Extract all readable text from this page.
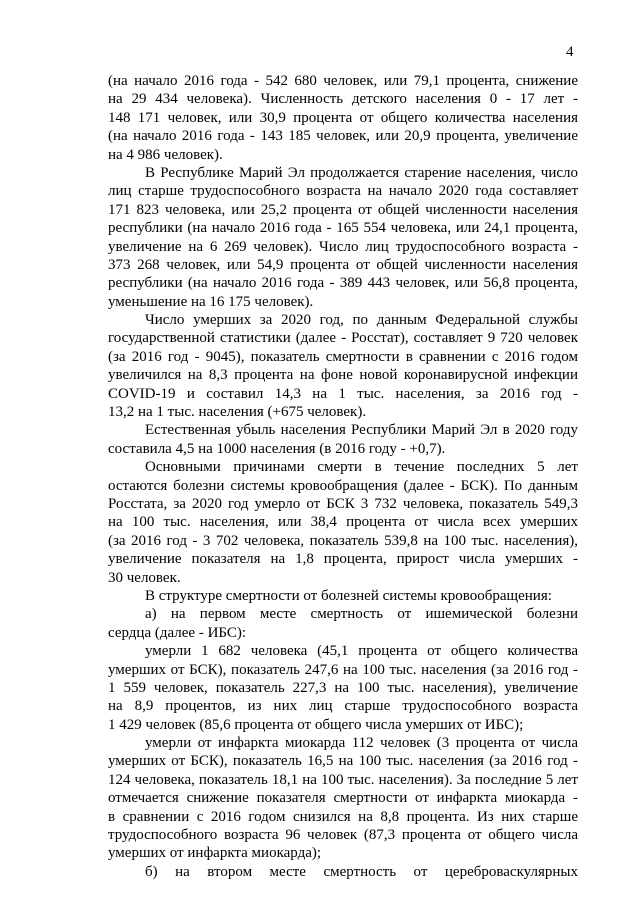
4
(на начало 2016 года - 542 680 человек, или 79,1 процента, снижение
на 29 434 человека). Численность детского населения 0 - 17 лет -
148 171 человек, или 30,9 процента от общего количества населения
(на начало 2016 года - 143 185 человек, или 20,9 процента, увеличение
на 4 986 человек).
В Республике Марий Эл продолжается старение населения, число
лиц старше трудоспособного возраста на начало 2020 года составляет
171 823 человека, или 25,2 процента от общей численности населения
республики (на начало 2016 года - 165 554 человека, или 24,1 процента,
увеличение на 6 269 человек). Число лиц трудоспособного возраста -
373 268 человек, или 54,9 процента от общей численности населения
республики (на начало 2016 года - 389 443 человек, или 56,8 процента,
уменьшение на 16 175 человек).
Число умерших за 2020 год, по данным Федеральной службы
государственной статистики (далее - Росстат), составляет 9 720 человек
(за 2016 год - 9045), показатель смертности в сравнении с 2016 годом
увеличился на 8,3 процента на фоне новой коронавирусной инфекции
COVID-19 и составил 14,3 на 1 тыс. населения, за 2016 год -
13,2 на 1 тыс. населения (+675 человек).
Естественная убыль населения Республики Марий Эл в 2020 году
составила 4,5 на 1000 населения (в 2016 году - +0,7).
Основными причинами смерти в течение последних 5 лет
остаются болезни системы кровообращения (далее - БСК). По данным
Росстата, за 2020 год умерло от БСК 3 732 человека, показатель 549,3
на 100 тыс. населения, или 38,4 процента от числа всех умерших
(за 2016 год - 3 702 человека, показатель 539,8 на 100 тыс. населения),
увеличение показателя на 1,8 процента, прирост числа умерших -
30 человек.
В структуре смертности от болезней системы кровообращения:
а) на первом месте смертность от ишемической болезни
сердца (далее - ИБС):
умерли 1 682 человека (45,1 процента от общего количества
умерших от БСК), показатель 247,6 на 100 тыс. населения (за 2016 год -
1 559 человек, показатель 227,3 на 100 тыс. населения), увеличение
на 8,9 процентов, из них лиц старше трудоспособного возраста
1 429 человек (85,6 процента от общего числа умерших от ИБС);
умерли от инфаркта миокарда 112 человек (3 процента от числа
умерших от БСК), показатель 16,5 на 100 тыс. населения (за 2016 год -
124 человека, показатель 18,1 на 100 тыс. населения). За последние 5 лет
отмечается снижение показателя смертности от инфаркта миокарда -
в сравнении с 2016 годом снизился на 8,8 процента. Из них старше
трудоспособного возраста 96 человек (87,3 процента от общего числа
умерших от инфаркта миокарда);
б) на втором месте смертность от цереброваскулярных
